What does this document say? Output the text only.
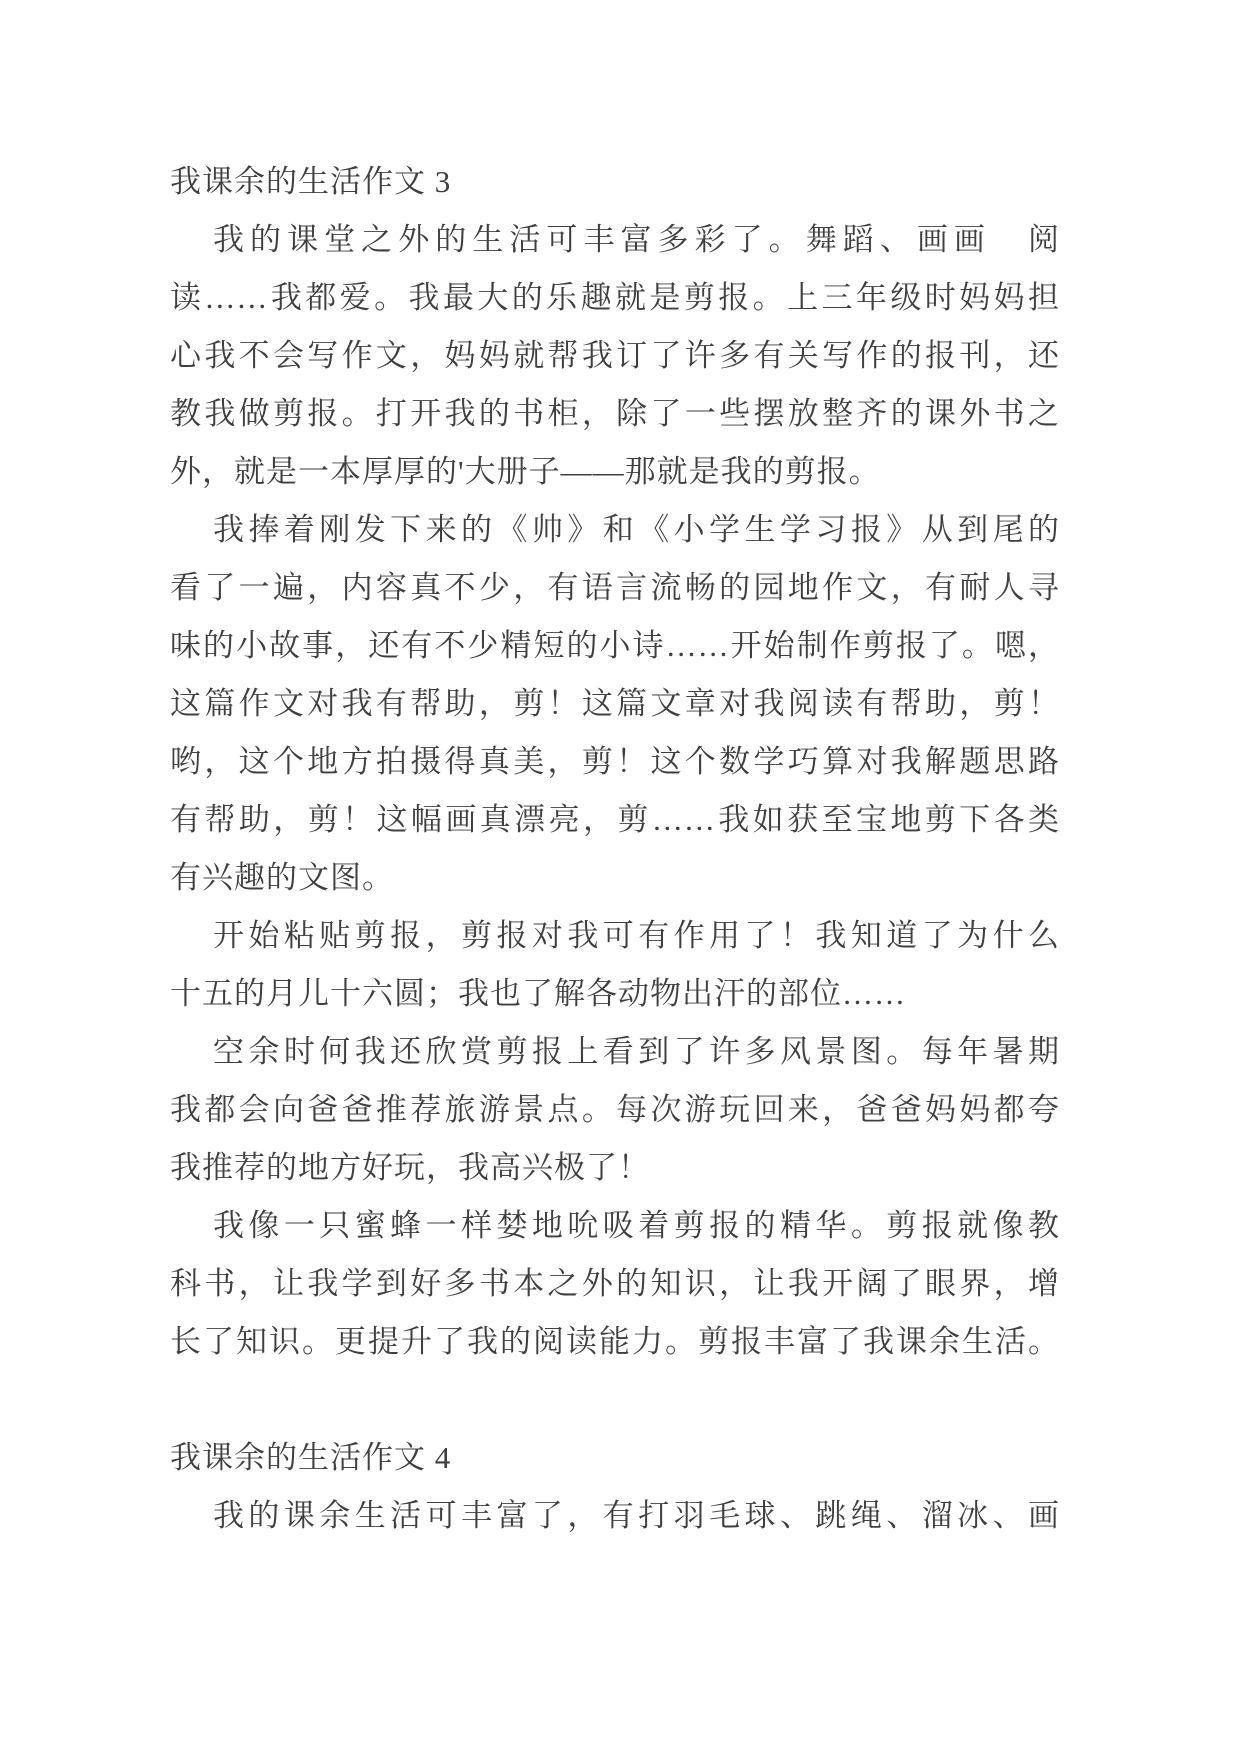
我课余的生活作文 3
我的课堂之外的生活可丰富多彩了。舞蹈、画画　阅
读……我都爱。我最大的乐趣就是剪报。上三年级时妈妈担
心我不会写作文，妈妈就帮我订了许多有关写作的报刊，还
教我做剪报。打开我的书柜，除了一些摆放整齐的课外书之
外，就是一本厚厚的'大册子——那就是我的剪报。
我捧着刚发下来的《帅》和《小学生学习报》从到尾的
看了一遍，内容真不少，有语言流畅的园地作文，有耐人寻
味的小故事，还有不少精短的小诗……开始制作剪报了。嗯，
这篇作文对我有帮助，剪！这篇文章对我阅读有帮助，剪！
哟，这个地方拍摄得真美，剪！这个数学巧算对我解题思路
有帮助，剪！这幅画真漂亮，剪……我如获至宝地剪下各类
有兴趣的文图。
开始粘贴剪报，剪报对我可有作用了！我知道了为什么
十五的月儿十六圆；我也了解各动物出汗的部位……
空余时何我还欣赏剪报上看到了许多风景图。每年暑期
我都会向爸爸推荐旅游景点。每次游玩回来，爸爸妈妈都夸
我推荐的地方好玩，我高兴极了！
我像一只蜜蜂一样婪地吮吸着剪报的精华。剪报就像教
科书，让我学到好多书本之外的知识，让我开阔了眼界，增
长了知识。更提升了我的阅读能力。剪报丰富了我课余生活。
我课余的生活作文 4
我的课余生活可丰富了，有打羽毛球、跳绳、溜冰、画
